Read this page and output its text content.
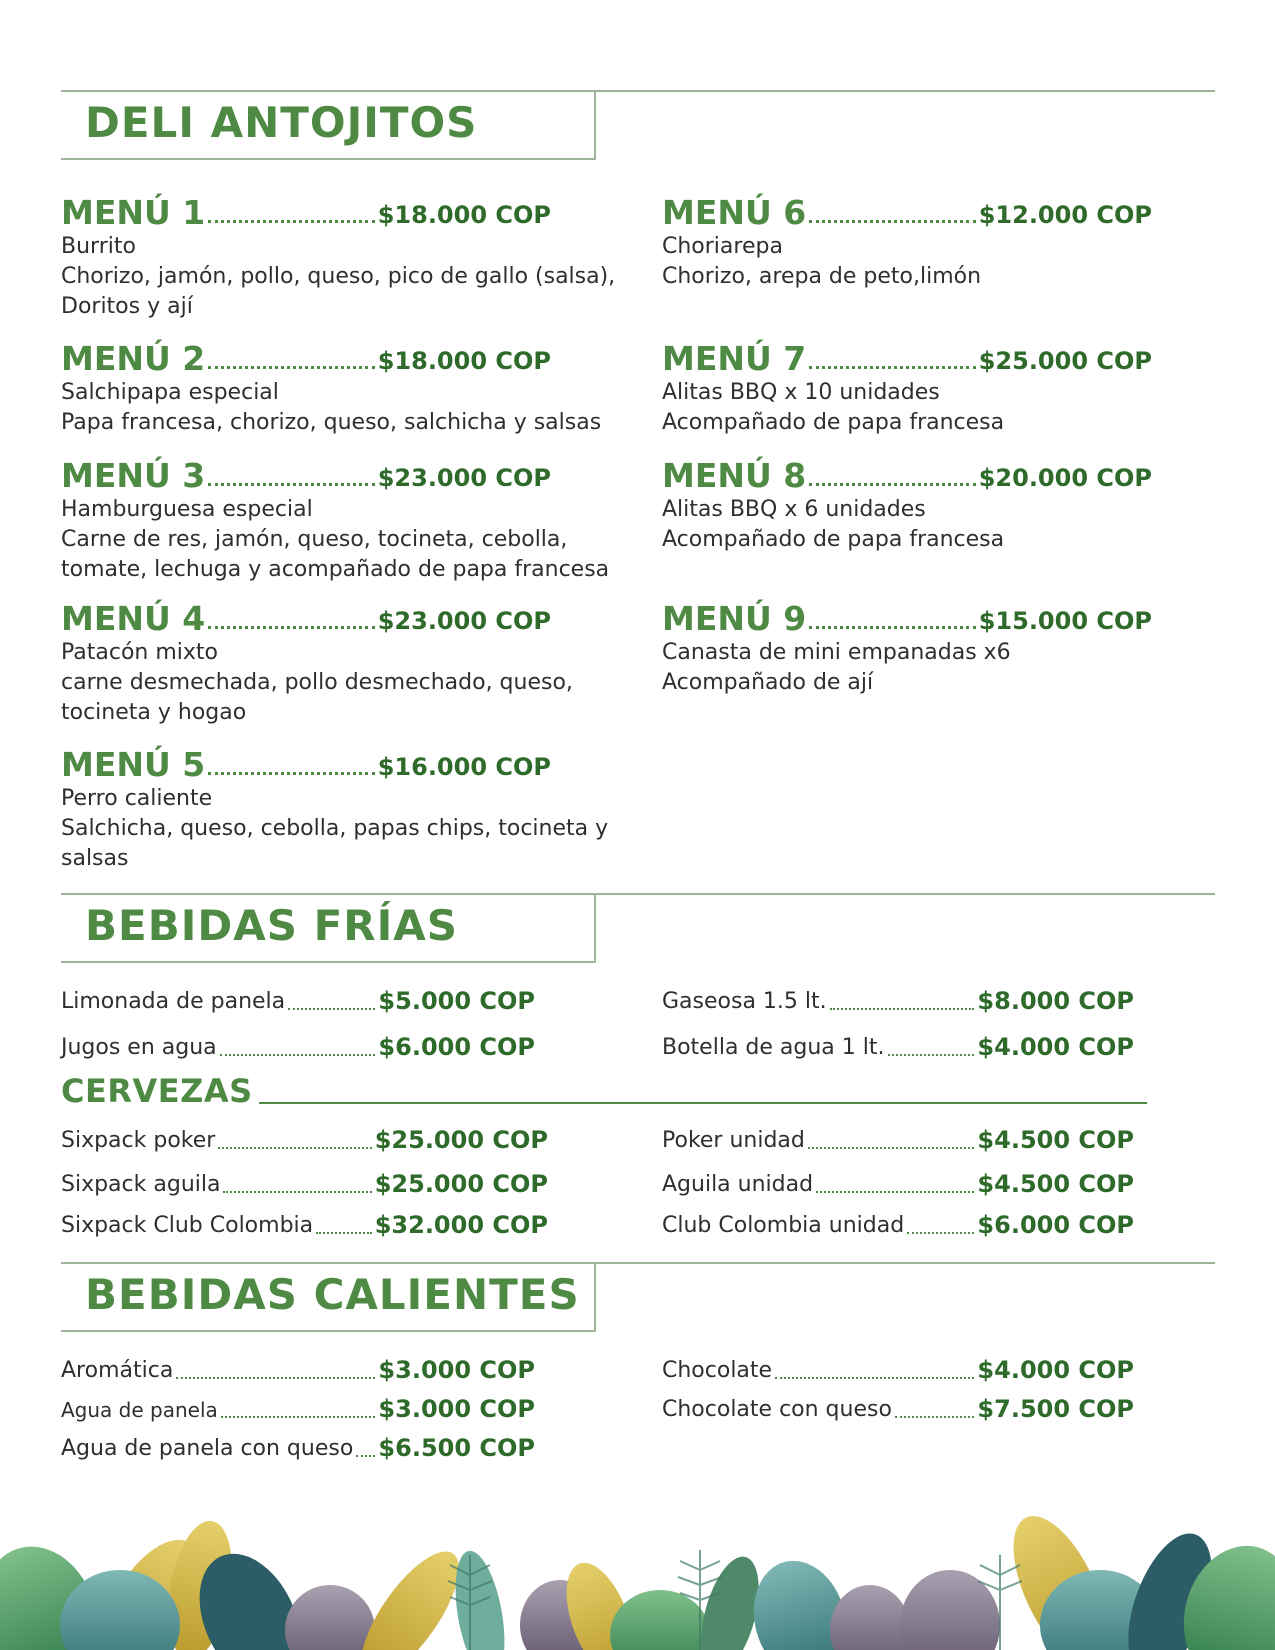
DELI ANTOJITOS
MENÚ 1	$18.000 COP
Burrito
Chorizo, jamón, pollo, queso, pico de gallo (salsa), Doritos y ají
MENÚ 2	$18.000 COP
Salchipapa especial
Papa francesa, chorizo, queso, salchicha y salsas
MENÚ 3	$23.000 COP
Hamburguesa especial
Carne de res, jamón, queso, tocineta, cebolla, tomate, lechuga y acompañado de papa francesa
MENÚ 4	$23.000 COP
Patacón mixto
carne desmechada, pollo desmechado, queso, tocineta y hogao
MENÚ 5	$16.000 COP
Perro caliente
Salchicha, queso, cebolla, papas chips, tocineta y salsas
MENÚ 6	$12.000 COP
Choriarepa
Chorizo, arepa de peto,limón
MENÚ 7	$25.000 COP
Alitas BBQ x 10 unidades
Acompañado de papa francesa
MENÚ 8	$20.000 COP
Alitas BBQ x 6 unidades
Acompañado de papa francesa
MENÚ 9	$15.000 COP
Canasta de mini empanadas x6
Acompañado de ají
BEBIDAS FRÍAS
Limonada de panela	$5.000 COP
Jugos en agua	$6.000 COP
Gaseosa 1.5 lt.	$8.000 COP
Botella de agua 1 lt.	$4.000 COP
CERVEZAS
Sixpack poker	$25.000 COP
Sixpack aguila	$25.000 COP
Sixpack Club Colombia	$32.000 COP
Poker unidad	$4.500 COP
Aguila unidad	$4.500 COP
Club Colombia unidad	$6.000 COP
BEBIDAS CALIENTES
Aromática	$3.000 COP
Agua de panela	$3.000 COP
Agua de panela con queso $6.500 COP
Chocolate	$4.000 COP
Chocolate con queso	$7.500 COP
